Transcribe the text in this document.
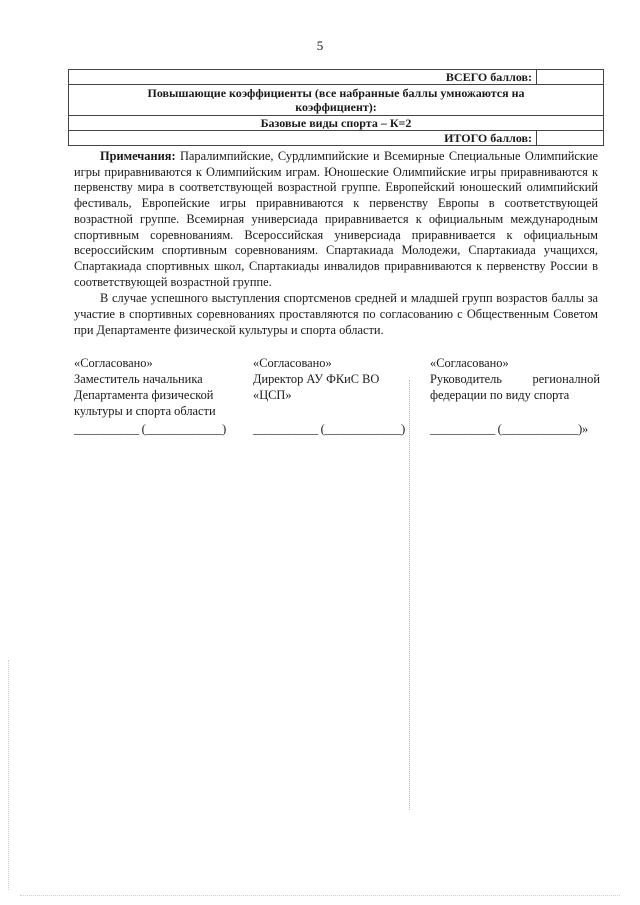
5
ВСЕГО баллов:	
Повышающие коэффициенты (все набранные баллы умножаются на коэффициент):	
Базовые виды спорта – К=2	
ИТОГО баллов:	

Примечания: Паралимпийские, Сурдлимпийские и Всемирные Специальные Олимпийские игры приравниваются к Олимпийским играм. Юношеские Олимпийские игры приравниваются к первенству мира в соответствующей возрастной группе. Европейский юношеский олимпийский фестиваль, Европейские игры приравниваются к первенству Европы в соответствующей возрастной группе. Всемирная универсиада приравнивается к официальным международным спортивным соревнованиям. Всероссийская универсиада приравнивается к официальным всероссийским спортивным соревнованиям. Спартакиада Молодежи, Спартакиада учащихся, Спартакиада спортивных школ, Спартакиады инвалидов приравниваются к первенству России в соответствующей возрастной группе.

В случае успешного выступления спортсменов средней и младшей групп возрастов баллы за участие в спортивных соревнованиях проставляются по согласованию с Общественным Советом при Департаменте физической культуры и спорта области.

«Согласовано»
Заместитель начальника
Департамента физической
культуры и спорта области
___________ (_____________)
«Согласовано»
Директор АУ ФКиС ВО
«ЦСП»
___________ (_____________)
«Согласовано»
Руководитель регионалной
федерации по виду спорта
___________ (_____________)»
